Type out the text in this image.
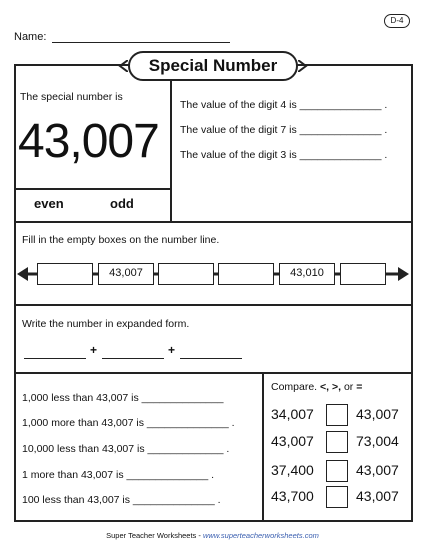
D-4
Name:
Special Number
The special number is
43,007
even	odd
The value of the digit 4 is ______________ .
The value of the digit 7 is ______________ .
The value of the digit 3 is ______________ .
Fill in the empty boxes on the number line.
43,007	43,010
Write the number in expanded form.
+	+
1,000 less than 43,007 is ______________
1,000 more than 43,007 is ______________ .
10,000 less than 43,007 is _____________ .
1 more than 43,007 is ______________ .
100 less than 43,007 is ______________ .
Compare. <, >, or =
34,007	43,007
43,007	73,004
37,400	43,007
43,700	43,007
Super Teacher Worksheets - www.superteacherworksheets.com
